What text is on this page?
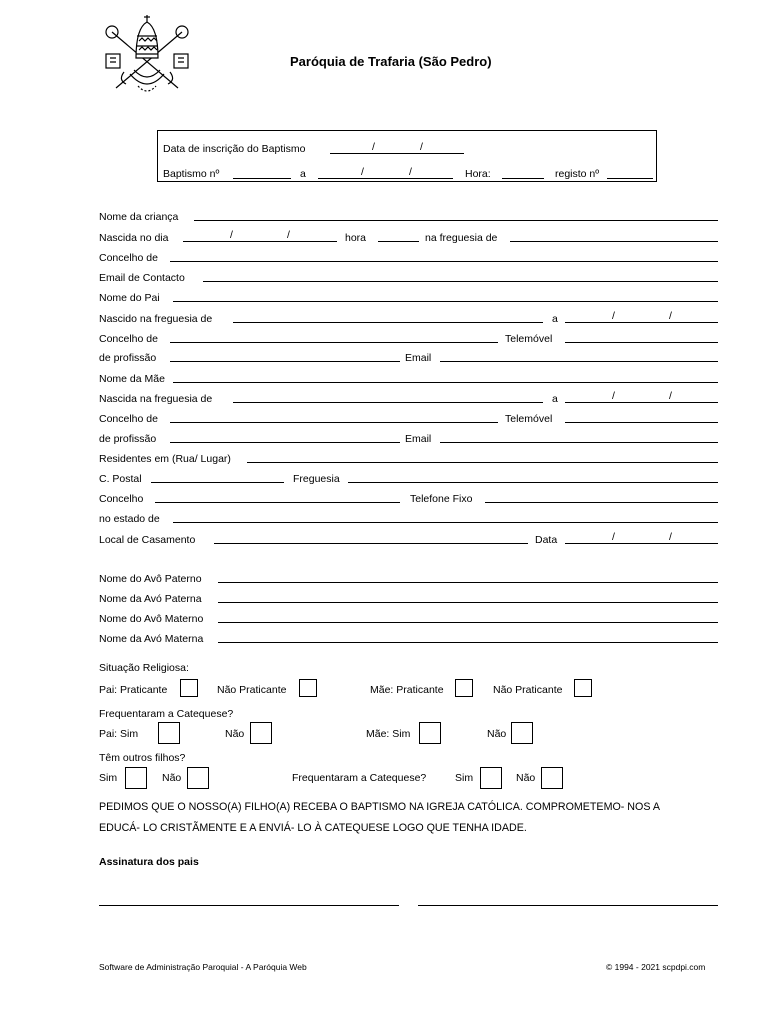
Paróquia de Trafaria (São Pedro)
Data de inscrição do Baptismo	/	/
Baptismo nº	a	/	/	Hora:	registo nº
Nome da criança
Nascida no dia	/	/	hora	na freguesia de
Concelho de
Email de Contacto
Nome do Pai
Nascido na freguesia de	a	/	/
Concelho de	Telemóvel
de profissão	Email
Nome da Mãe
Nascida na freguesia de	a	/	/
Concelho de	Telemóvel
de profissão	Email
Residentes em (Rua/ Lugar)
C. Postal	Freguesia
Concelho	Telefone Fixo
no estado de
Local de Casamento	Data	/	/
Nome do Avô Paterno
Nome da Avó Paterna
Nome do Avô Materno
Nome da Avó Materna
Situação Religiosa:
Pai: Praticante	Não Praticante	Mãe: Praticante	Não Praticante
Frequentaram a Catequese?
Pai: Sim	Não	Mãe: Sim	Não
Têm outros filhos?
Sim	Não	Frequentaram a Catequese?	Sim	Não
PEDIMOS QUE O NOSSO(A) FILHO(A) RECEBA O BAPTISMO NA IGREJA CATÓLICA. COMPROMETEMO- NOS A
EDUCÁ- LO CRISTÃMENTE E A ENVIÁ- LO À CATEQUESE LOGO QUE TENHA IDADE.
Assinatura dos pais
Software de Administração Paroquial - A Paróquia Web	© 1994 - 2021 scpdpi.com
